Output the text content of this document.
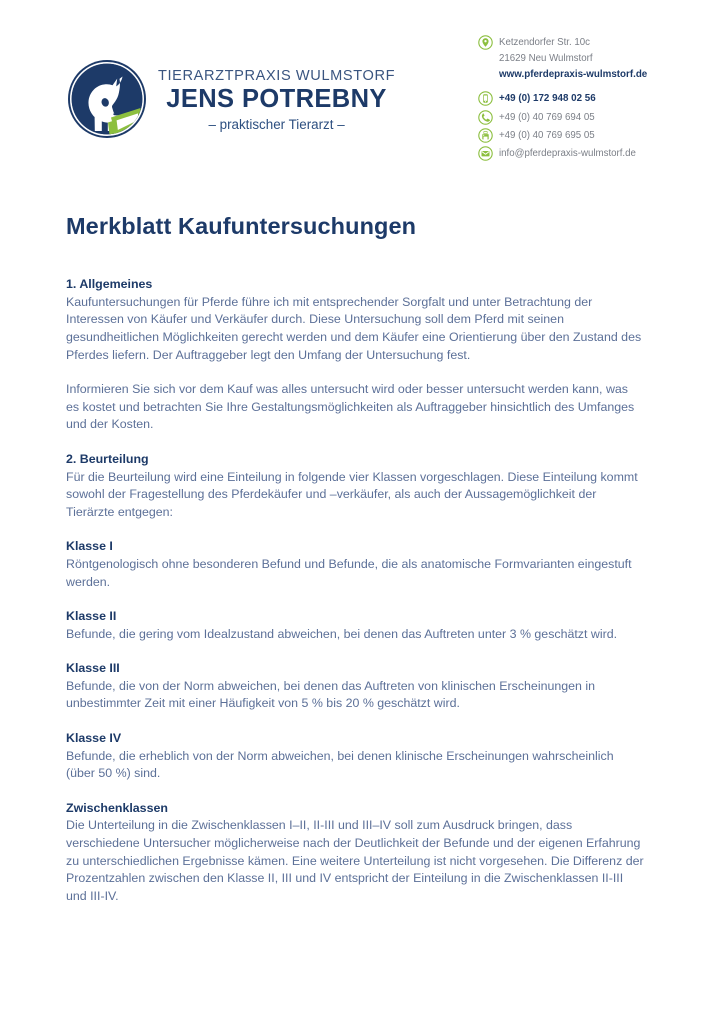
TIERARZTPRAXIS WULMSTORF
JENS POTREBNY
– praktischer Tierarzt –
Ketzendorfer Str. 10c
21629 Neu Wulmstorf
www.pferdepraxis-wulmstorf.de
+49 (0) 172 948 02 56
+49 (0) 40 769 694 05
+49 (0) 40 769 695 05
info@pferdepraxis-wulmstorf.de
Merkblatt Kaufuntersuchungen
1. Allgemeines
Kaufuntersuchungen für Pferde führe ich mit entsprechender Sorgfalt und unter Betrachtung der Interessen von Käufer und Verkäufer durch. Diese Untersuchung soll dem Pferd mit seinen gesundheitlichen Möglichkeiten gerecht werden und dem Käufer eine Orientierung über den Zustand des Pferdes liefern. Der Auftraggeber legt den Umfang der Untersuchung fest.
Informieren Sie sich vor dem Kauf was alles untersucht wird oder besser untersucht werden kann, was es kostet und betrachten Sie Ihre Gestaltungsmöglichkeiten als Auftraggeber hinsichtlich des Umfanges und der Kosten.
2. Beurteilung
Für die Beurteilung wird eine Einteilung in folgende vier Klassen vorgeschlagen. Diese Einteilung kommt sowohl der Fragestellung des Pferdekäufer und –verkäufer, als auch der Aussagemöglichkeit der Tierärzte entgegen:
Klasse I
Röntgenologisch ohne besonderen Befund und Befunde, die als anatomische Formvarianten eingestuft werden.
Klasse II
Befunde, die gering vom Idealzustand abweichen, bei denen das Auftreten unter 3 % geschätzt wird.
Klasse III
Befunde, die von der Norm abweichen, bei denen das Auftreten von klinischen Erscheinungen in unbestimmter Zeit mit einer Häufigkeit von 5 % bis 20 % geschätzt wird.
Klasse IV
Befunde, die erheblich von der Norm abweichen, bei denen klinische Erscheinungen wahrscheinlich (über 50 %) sind.
Zwischenklassen
Die Unterteilung in die Zwischenklassen I–II, II-III und III–IV soll zum Ausdruck bringen, dass verschiedene Untersucher möglicherweise nach der Deutlichkeit der Befunde und der eigenen Erfahrung zu unterschiedlichen Ergebnisse kämen. Eine weitere Unterteilung ist nicht vorgesehen. Die Differenz der Prozentzahlen zwischen den Klasse II, III und IV entspricht der Einteilung in die Zwischenklassen II-III und III-IV.
